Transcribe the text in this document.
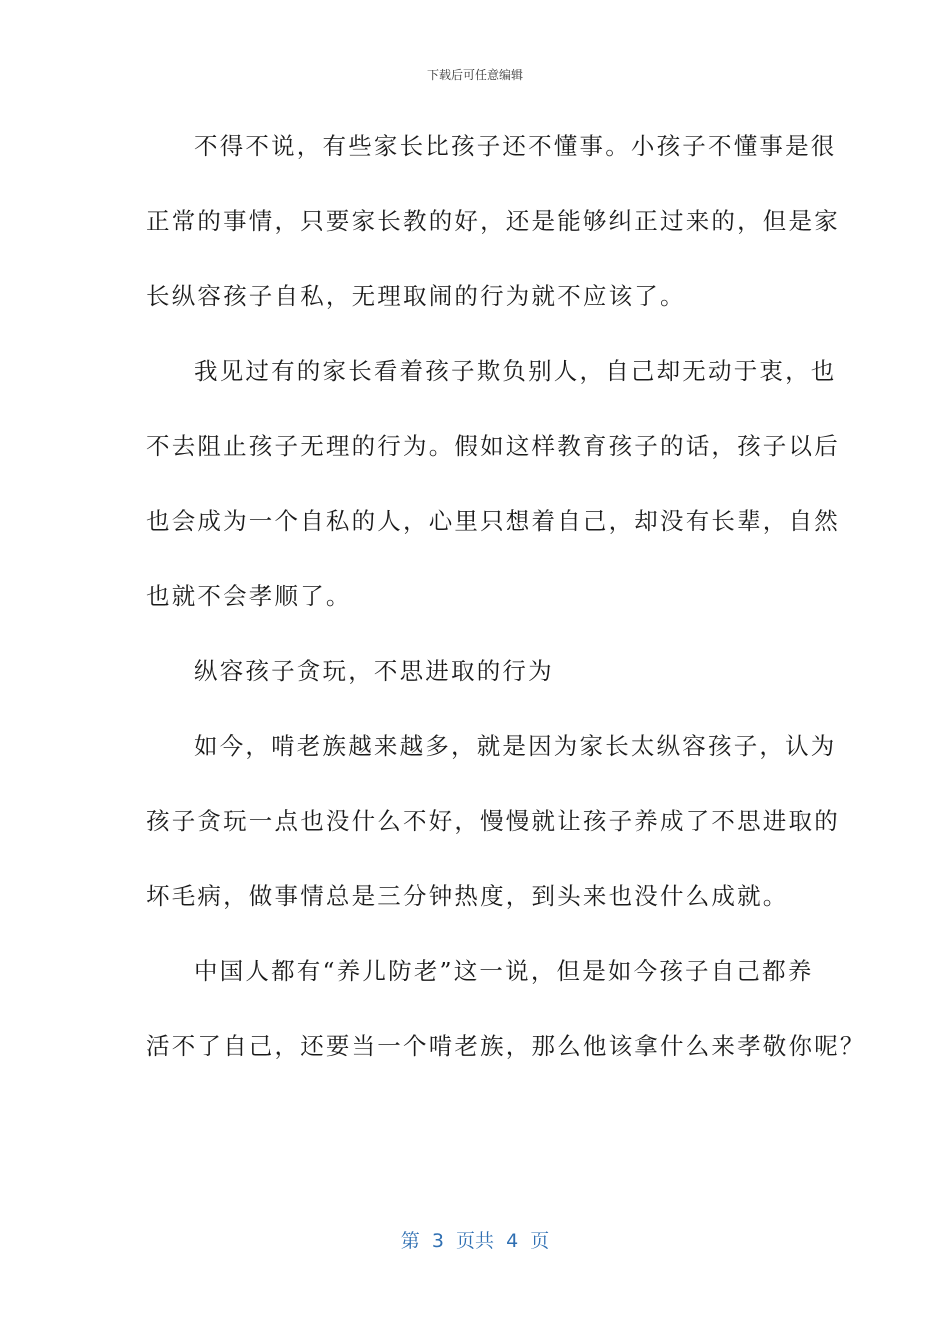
下载后可任意编辑
不得不说，有些家长比孩子还不懂事。小孩子不懂事是很
正常的事情，只要家长教的好，还是能够纠正过来的，但是家
长纵容孩子自私，无理取闹的行为就不应该了。
我见过有的家长看着孩子欺负别人，自己却无动于衷，也
不去阻止孩子无理的行为。假如这样教育孩子的话，孩子以后
也会成为一个自私的人，心里只想着自己，却没有长辈，自然
也就不会孝顺了。
纵容孩子贪玩，不思进取的行为
如今，啃老族越来越多，就是因为家长太纵容孩子，认为
孩子贪玩一点也没什么不好，慢慢就让孩子养成了不思进取的
坏毛病，做事情总是三分钟热度，到头来也没什么成就。
中国人都有“养儿防老”这一说，但是如今孩子自己都养
活不了自己，还要当一个啃老族，那么他该拿什么来孝敬你呢？
第  3  页共  4  页
